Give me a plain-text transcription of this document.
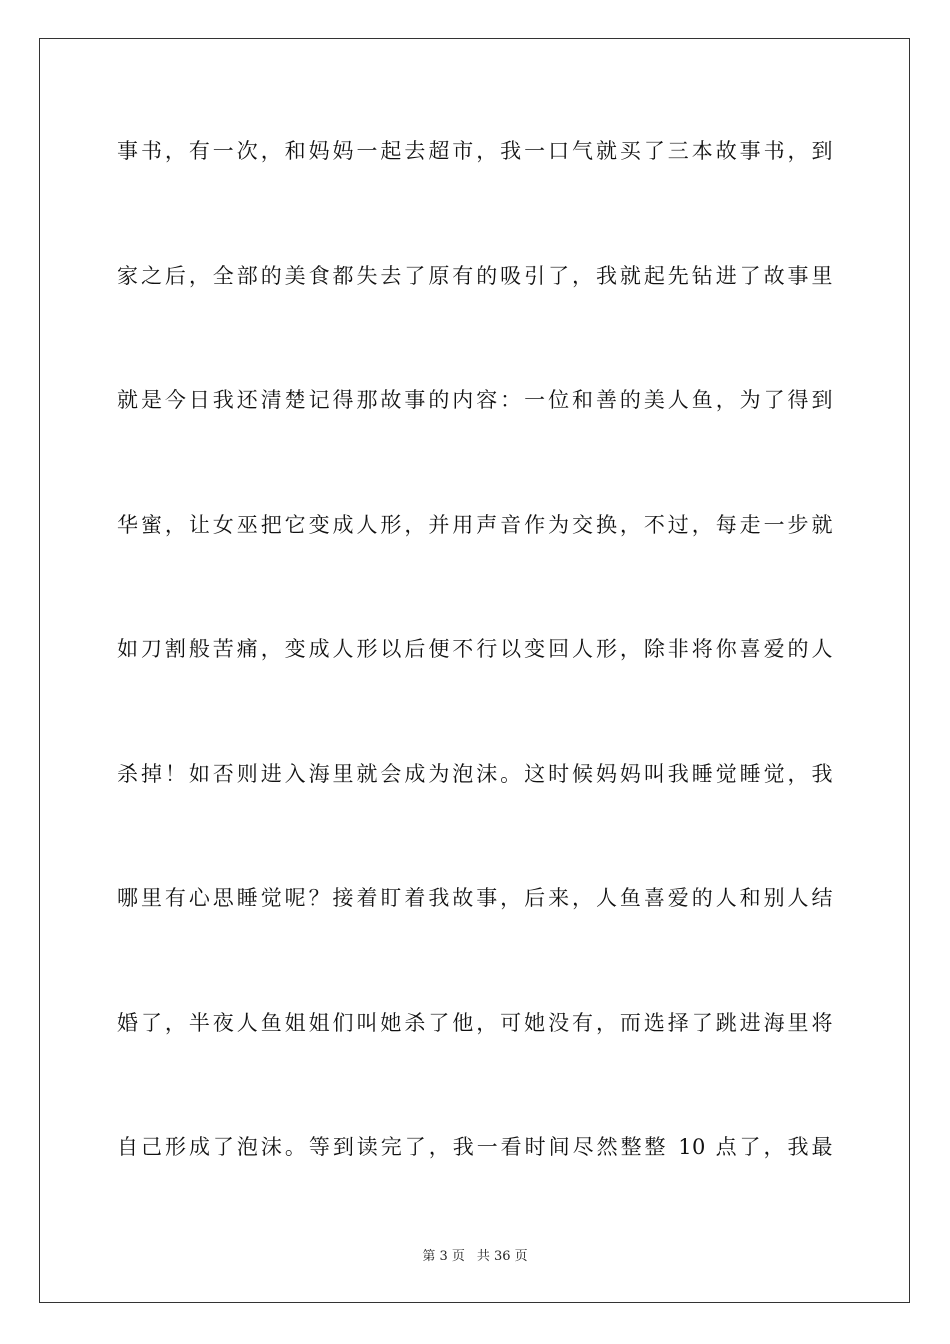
事书，有一次，和妈妈一起去超市，我一口气就买了三本故事书，到
家之后，全部的美食都失去了原有的吸引了，我就起先钻进了故事里
就是今日我还清楚记得那故事的内容：一位和善的美人鱼，为了得到
华蜜，让女巫把它变成人形，并用声音作为交换，不过，每走一步就
如刀割般苦痛，变成人形以后便不行以变回人形，除非将你喜爱的人
杀掉！如否则进入海里就会成为泡沫。这时候妈妈叫我睡觉睡觉，我
哪里有心思睡觉呢？接着盯着我故事，后来，人鱼喜爱的人和别人结
婚了，半夜人鱼姐姐们叫她杀了他，可她没有，而选择了跳进海里将
自己形成了泡沫。等到读完了，我一看时间尽然整整 10 点了，我最
第 3 页 共 36 页
